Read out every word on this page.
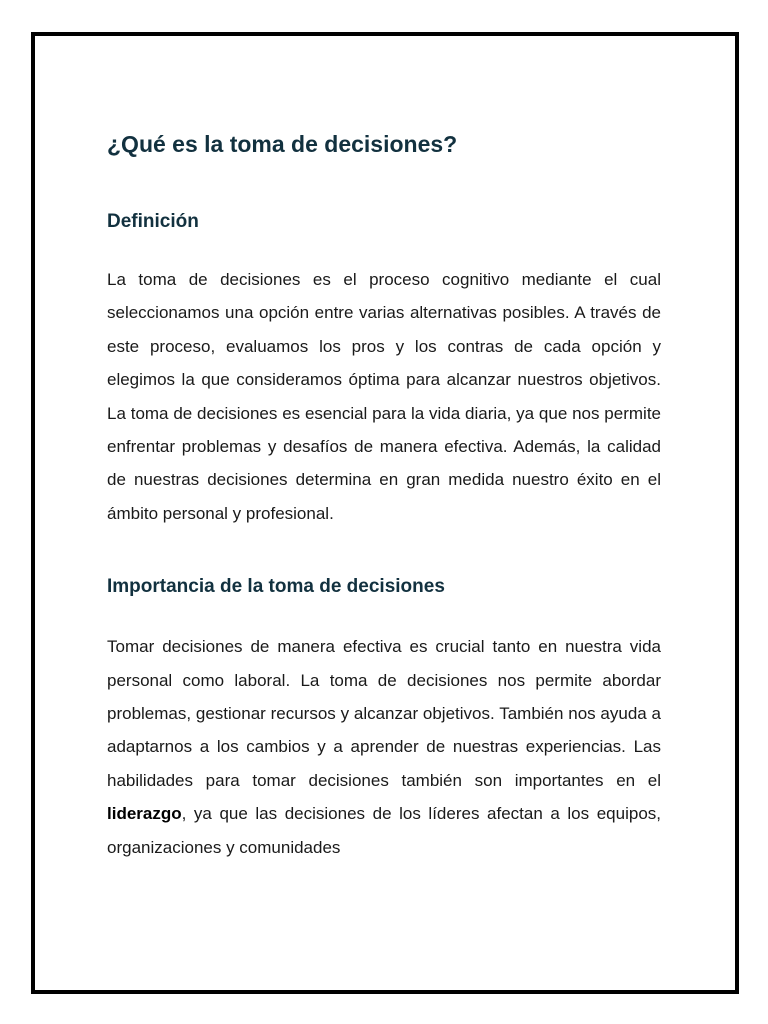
¿Qué es la toma de decisiones?
Definición

La toma de decisiones es el proceso cognitivo mediante el cual seleccionamos una opción entre varias alternativas posibles. A través de este proceso, evaluamos los pros y los contras de cada opción y elegimos la que consideramos óptima para alcanzar nuestros objetivos. La toma de decisiones es esencial para la vida diaria, ya que nos permite enfrentar problemas y desafíos de manera efectiva. Además, la calidad de nuestras decisiones determina en gran medida nuestro éxito en el ámbito personal y profesional.

Importancia de la toma de decisiones

Tomar decisiones de manera efectiva es crucial tanto en nuestra vida personal como laboral. La toma de decisiones nos permite abordar problemas, gestionar recursos y alcanzar objetivos. También nos ayuda a adaptarnos a los cambios y a aprender de nuestras experiencias. Las habilidades para tomar decisiones también son importantes en el liderazgo, ya que las decisiones de los líderes afectan a los equipos, organizaciones y comunidades
